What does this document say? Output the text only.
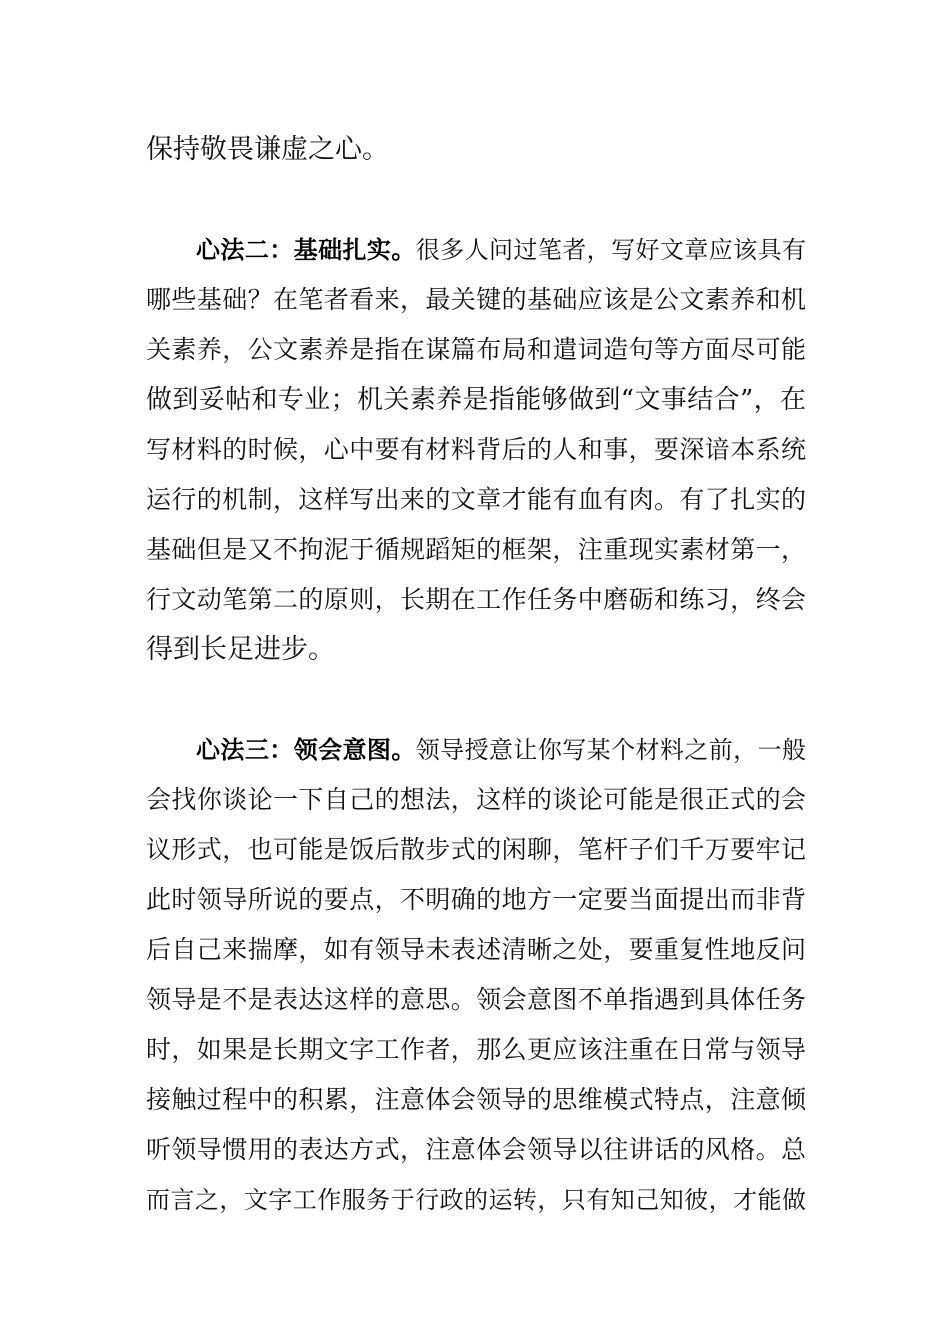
保持敬畏谦虚之心。
心法二：基础扎实。很多人问过笔者，写好文章应该具有
哪些基础？在笔者看来，最关键的基础应该是公文素养和机
关素养，公文素养是指在谋篇布局和遣词造句等方面尽可能
做到妥帖和专业；机关素养是指能够做到“文事结合”，在
写材料的时候，心中要有材料背后的人和事，要深谙本系统
运行的机制，这样写出来的文章才能有血有肉。有了扎实的
基础但是又不拘泥于循规蹈矩的框架，注重现实素材第一，
行文动笔第二的原则，长期在工作任务中磨砺和练习，终会
得到长足进步。
心法三：领会意图。领导授意让你写某个材料之前，一般
会找你谈论一下自己的想法，这样的谈论可能是很正式的会
议形式，也可能是饭后散步式的闲聊，笔杆子们千万要牢记
此时领导所说的要点，不明确的地方一定要当面提出而非背
后自己来揣摩，如有领导未表述清晰之处，要重复性地反问
领导是不是表达这样的意思。领会意图不单指遇到具体任务
时，如果是长期文字工作者，那么更应该注重在日常与领导
接触过程中的积累，注意体会领导的思维模式特点，注意倾
听领导惯用的表达方式，注意体会领导以往讲话的风格。总
而言之，文字工作服务于行政的运转，只有知己知彼，才能做
